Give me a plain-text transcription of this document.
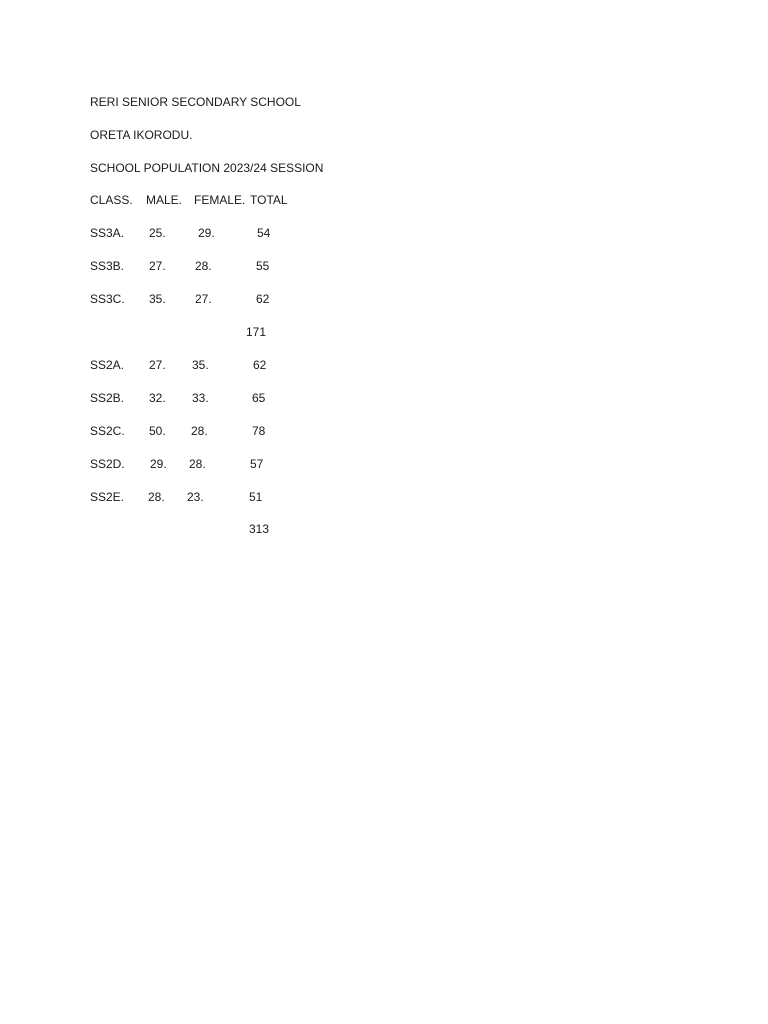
RERI SENIOR SECONDARY SCHOOL
ORETA IKORODU.
SCHOOL POPULATION 2023/24 SESSION
CLASS. MALE. FEMALE. TOTAL
SS3A. 25.	29.	54
SS3B. 27. 28.	55
SS3C. 35. 27.	62
171
SS2A. 27. 35.	62
SS2B. 32. 33.	65
SS2C. 50. 28.	78
SS2D. 29. 28.	57
SS2E. 28. 23.	51
313
